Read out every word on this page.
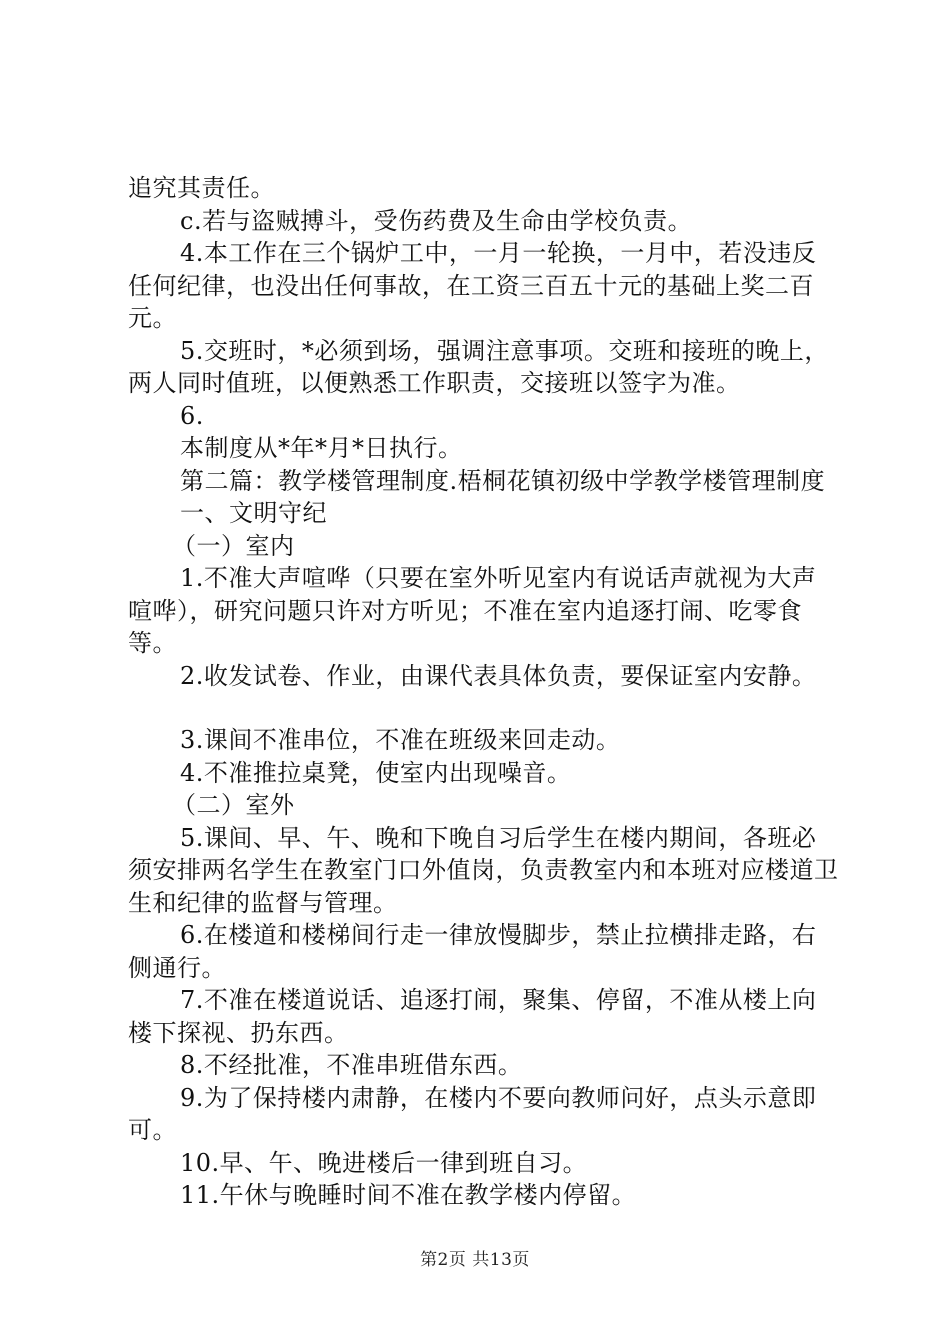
追究其责任。

c.若与盗贼搏斗，受伤药费及生命由学校负责。

4.本工作在三个锅炉工中，一月一轮换，一月中，若没违反任何纪律，也没出任何事故，在工资三百五十元的基础上奖二百元。

5.交班时，*必须到场，强调注意事项。交班和接班的晚上，两人同时值班，以便熟悉工作职责，交接班以签字为准。

6.

本制度从*年*月*日执行。

第二篇：教学楼管理制度.梧桐花镇初级中学教学楼管理制度

一、文明守纪

（一）室内

1.不准大声喧哗（只要在室外听见室内有说话声就视为大声喧哗），研究问题只许对方听见；不准在室内追逐打闹、吃零食等。

2.收发试卷、作业，由课代表具体负责，要保证室内安静。

3.课间不准串位，不准在班级来回走动。

4.不准推拉桌凳，使室内出现噪音。

（二）室外

5.课间、早、午、晚和下晚自习后学生在楼内期间，各班必须安排两名学生在教室门口外值岗，负责教室内和本班对应楼道卫生和纪律的监督与管理。

6.在楼道和楼梯间行走一律放慢脚步，禁止拉横排走路，右侧通行。

7.不准在楼道说话、追逐打闹，聚集、停留，不准从楼上向楼下探视、扔东西。

8.不经批准，不准串班借东西。

9.为了保持楼内肃静，在楼内不要向教师问好，点头示意即可。

10.早、午、晚进楼后一律到班自习。

11.午休与晚睡时间不准在教学楼内停留。

第2页 共13页
